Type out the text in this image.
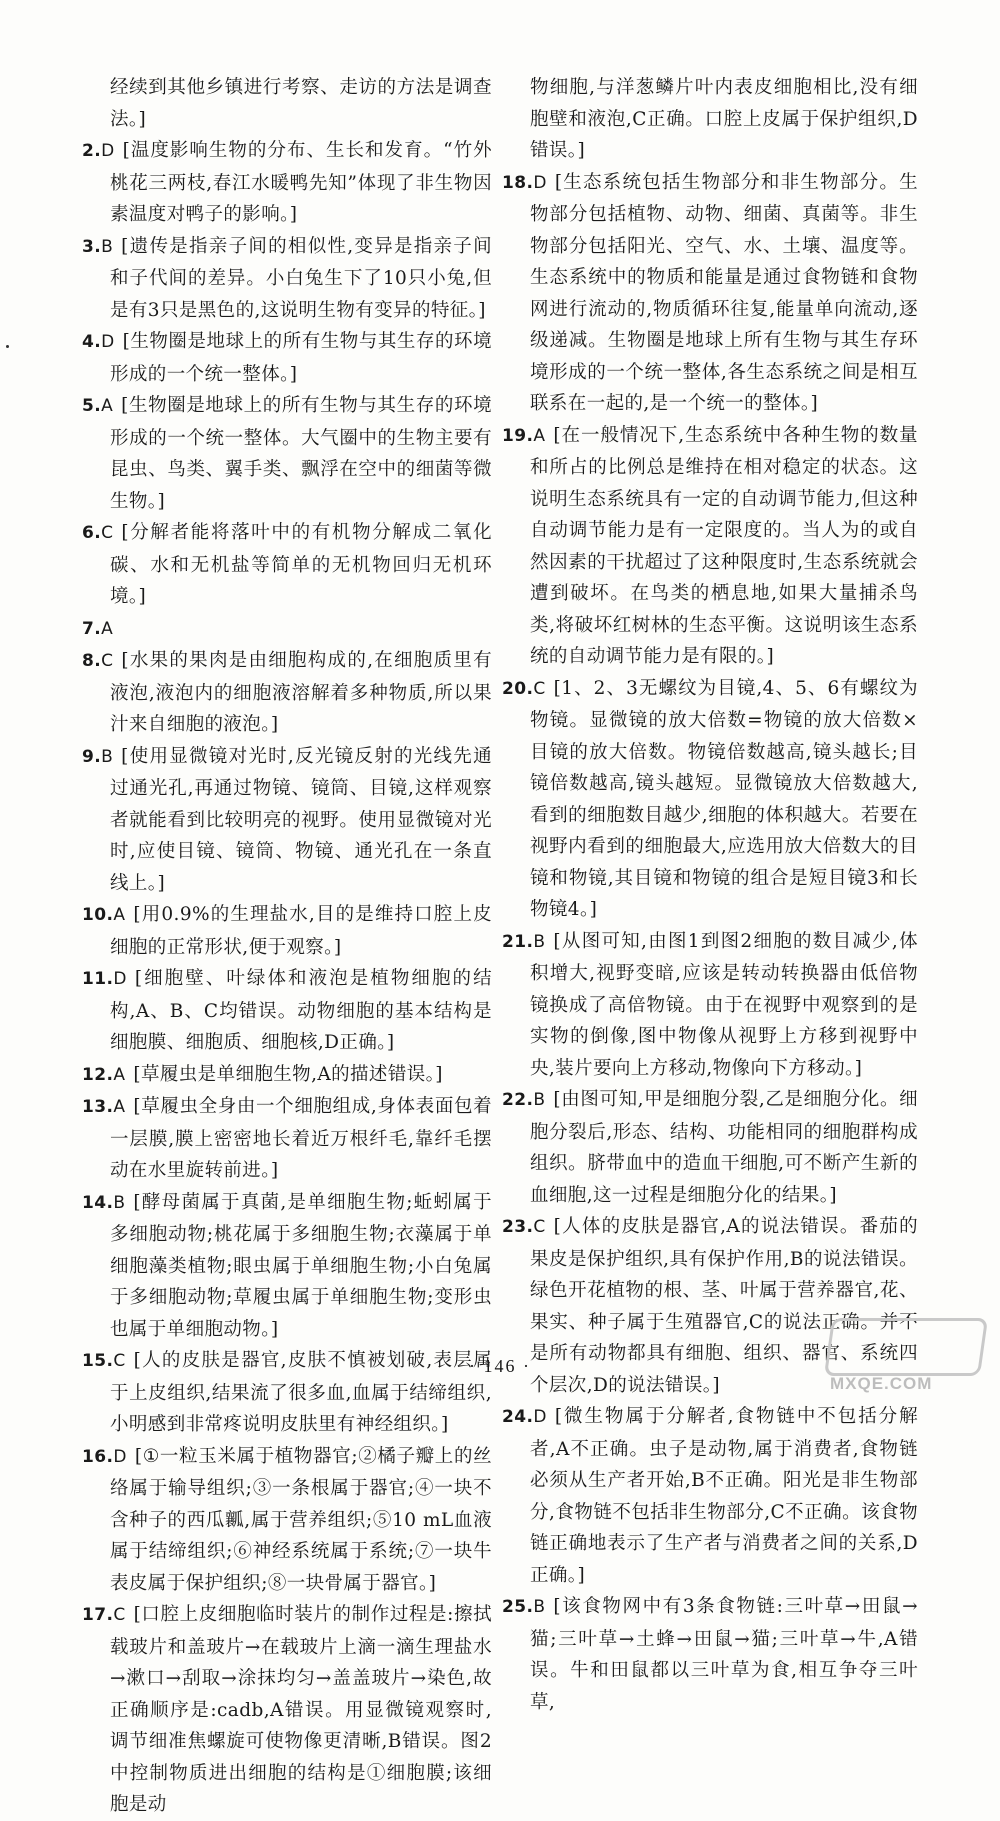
经续到其他乡镇进行考察、走访的方法是调查法。]

2.D [温度影响生物的分布、生长和发育。“竹外桃花三两枝,春江水暖鸭先知”体现了非生物因素温度对鸭子的影响。]

3.B [遗传是指亲子间的相似性,变异是指亲子间和子代间的差异。小白兔生下了10只小兔,但是有3只是黑色的,这说明生物有变异的特征。]

4.D [生物圈是地球上的所有生物与其生存的环境形成的一个统一整体。]

5.A [生物圈是地球上的所有生物与其生存的环境形成的一个统一整体。大气圈中的生物主要有昆虫、鸟类、翼手类、飘浮在空中的细菌等微生物。]

6.C [分解者能将落叶中的有机物分解成二氧化碳、水和无机盐等简单的无机物回归无机环境。]

7.A

8.C [水果的果肉是由细胞构成的,在细胞质里有液泡,液泡内的细胞液溶解着多种物质,所以果汁来自细胞的液泡。]

9.B [使用显微镜对光时,反光镜反射的光线先通过通光孔,再通过物镜、镜筒、目镜,这样观察者就能看到比较明亮的视野。使用显微镜对光时,应使目镜、镜筒、物镜、通光孔在一条直线上。]

10.A [用0.9%的生理盐水,目的是维持口腔上皮细胞的正常形状,便于观察。]

11.D [细胞壁、叶绿体和液泡是植物细胞的结构,A、B、C均错误。动物细胞的基本结构是细胞膜、细胞质、细胞核,D正确。]

12.A [草履虫是单细胞生物,A的描述错误。]

13.A [草履虫全身由一个细胞组成,身体表面包着一层膜,膜上密密地长着近万根纤毛,靠纤毛摆动在水里旋转前进。]

14.B [酵母菌属于真菌,是单细胞生物;蚯蚓属于多细胞动物;桃花属于多细胞生物;衣藻属于单细胞藻类植物;眼虫属于单细胞生物;小白兔属于多细胞动物;草履虫属于单细胞生物;变形虫也属于单细胞动物。]

15.C [人的皮肤是器官,皮肤不慎被划破,表层属于上皮组织,结果流了很多血,血属于结缔组织,小明感到非常疼说明皮肤里有神经组织。]

16.D [①一粒玉米属于植物器官;②橘子瓣上的丝络属于输导组织;③一条根属于器官;④一块不含种子的西瓜瓤,属于营养组织;⑤10 mL血液属于结缔组织;⑥神经系统属于系统;⑦一块牛表皮属于保护组织;⑧一块骨属于器官。]

17.C [口腔上皮细胞临时装片的制作过程是:擦拭载玻片和盖玻片→在载玻片上滴一滴生理盐水→漱口→刮取→涂抹均匀→盖盖玻片→染色,故正确顺序是:cadb,A错误。用显微镜观察时,调节细准焦螺旋可使物像更清晰,B错误。图2中控制物质进出细胞的结构是①细胞膜;该细胞是动

物细胞,与洋葱鳞片叶内表皮细胞相比,没有细胞壁和液泡,C正确。口腔上皮属于保护组织,D错误。]

18.D [生态系统包括生物部分和非生物部分。生物部分包括植物、动物、细菌、真菌等。非生物部分包括阳光、空气、水、土壤、温度等。生态系统中的物质和能量是通过食物链和食物网进行流动的,物质循环往复,能量单向流动,逐级递减。生物圈是地球上所有生物与其生存环境形成的一个统一整体,各生态系统之间是相互联系在一起的,是一个统一的整体。]

19.A [在一般情况下,生态系统中各种生物的数量和所占的比例总是维持在相对稳定的状态。这说明生态系统具有一定的自动调节能力,但这种自动调节能力是有一定限度的。当人为的或自然因素的干扰超过了这种限度时,生态系统就会遭到破坏。在鸟类的栖息地,如果大量捕杀鸟类,将破坏红树林的生态平衡。这说明该生态系统的自动调节能力是有限的。]

20.C [1、2、3无螺纹为目镜,4、5、6有螺纹为物镜。显微镜的放大倍数=物镜的放大倍数×目镜的放大倍数。物镜倍数越高,镜头越长;目镜倍数越高,镜头越短。显微镜放大倍数越大,看到的细胞数目越少,细胞的体积越大。若要在视野内看到的细胞最大,应选用放大倍数大的目镜和物镜,其目镜和物镜的组合是短目镜3和长物镜4。]

21.B [从图可知,由图1到图2细胞的数目减少,体积增大,视野变暗,应该是转动转换器由低倍物镜换成了高倍物镜。由于在视野中观察到的是实物的倒像,图中物像从视野上方移到视野中央,装片要向上方移动,物像向下方移动。]

22.B [由图可知,甲是细胞分裂,乙是细胞分化。细胞分裂后,形态、结构、功能相同的细胞群构成组织。脐带血中的造血干细胞,可不断产生新的血细胞,这一过程是细胞分化的结果。]

23.C [人体的皮肤是器官,A的说法错误。番茄的果皮是保护组织,具有保护作用,B的说法错误。绿色开花植物的根、茎、叶属于营养器官,花、果实、种子属于生殖器官,C的说法正确。并不是所有动物都具有细胞、组织、器官、系统四个层次,D的说法错误。]

24.D [微生物属于分解者,食物链中不包括分解者,A不正确。虫子是动物,属于消费者,食物链必须从生产者开始,B不正确。阳光是非生物部分,食物链不包括非生物部分,C不正确。该食物链正确地表示了生产者与消费者之间的关系,D正确。]

25.B [该食物网中有3条食物链:三叶草→田鼠→猫;三叶草→土蜂→田鼠→猫;三叶草→牛,A错误。牛和田鼠都以三叶草为食,相互争夺三叶草,

· 146 ·
MXQE.COM
